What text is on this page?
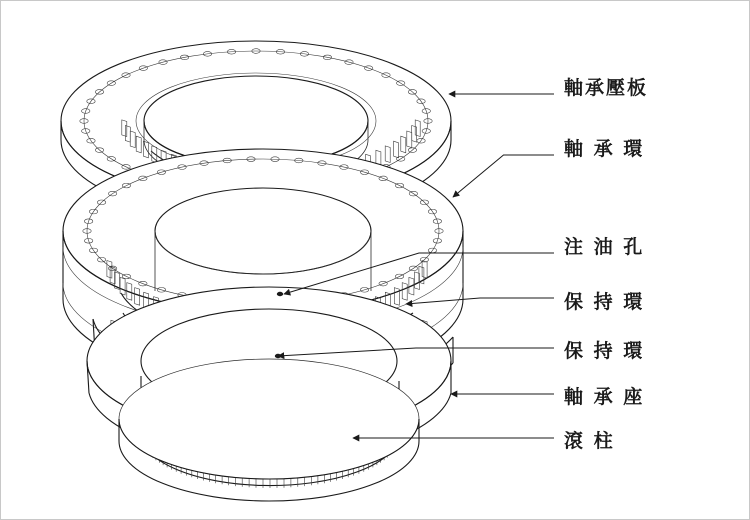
軸承壓板
軸 承 環
注 油 孔
保 持 環
保 持 環
軸 承 座
滾 柱
